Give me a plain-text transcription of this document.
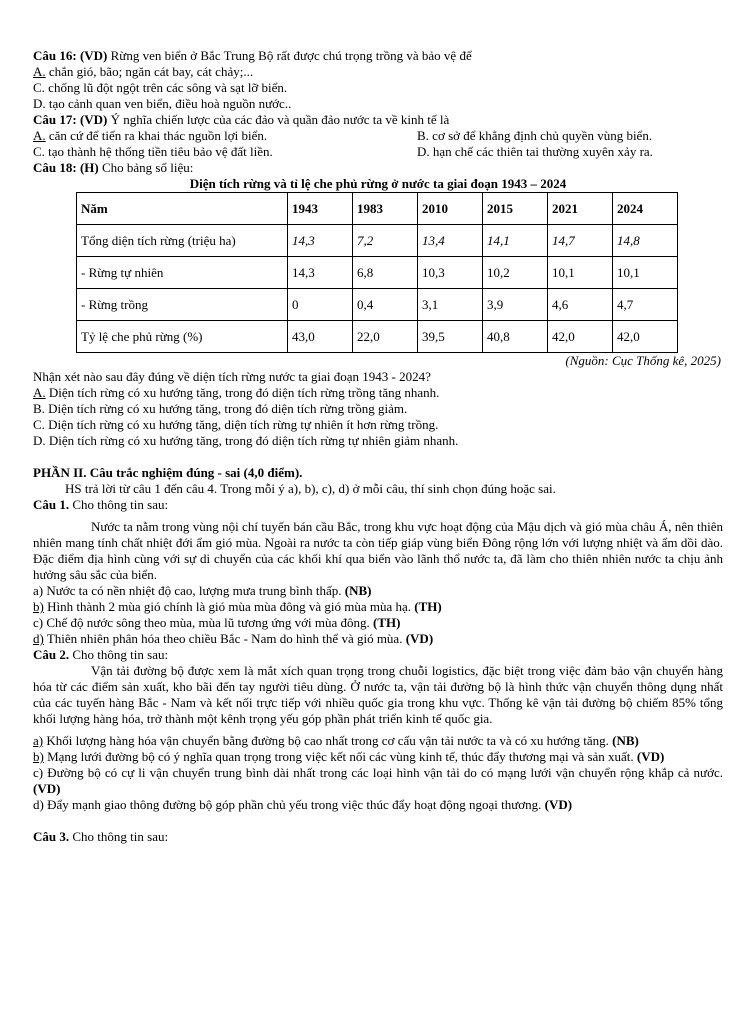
Câu 16: (VD) Rừng ven biển ở Bắc Trung Bộ rất được chú trọng trồng và bảo vệ để
A. chắn gió, bão; ngăn cát bay, cát chảy;...
C. chống lũ đột ngột trên các sông và sạt lỡ biển.
D. tạo cảnh quan ven biển, điều hoà nguồn nước..
Câu 17: (VD) Ý nghĩa chiến lược của các đảo và quần đảo nước ta về kinh tế là
A. căn cứ để tiến ra khai thác nguồn lợi biển.	B. cơ sở để khẳng định chủ quyền vùng biển.
C. tạo thành hệ thống tiền tiêu bảo vệ đất liền.	D. hạn chế các thiên tai thường xuyên xảy ra.
Câu 18: (H) Cho bảng số liệu:
Diện tích rừng và tỉ lệ che phủ rừng ở nước ta giai đoạn 1943 – 2024
Năm	1943	1983	2010	2015	2021	2024
Tổng diện tích rừng (triệu ha)	14,3	7,2	13,4	14,1	14,7	14,8
- Rừng tự nhiên	14,3	6,8	10,3	10,2	10,1	10,1
- Rừng trồng	0	0,4	3,1	3,9	4,6	4,7
Tỷ lệ che phủ rừng (%)	43,0	22,0	39,5	40,8	42,0	42,0
(Nguồn: Cục Thống kê, 2025)
Nhận xét nào sau đây đúng về diện tích rừng nước ta giai đoạn 1943 - 2024?
A. Diện tích rừng có xu hướng tăng, trong đó diện tích rừng trồng tăng nhanh.
B. Diện tích rừng có xu hướng tăng, trong đó diện tích rừng trồng giảm.
C. Diện tích rừng có xu hướng tăng, diện tích rừng tự nhiên ít hơn rừng trồng.
D. Diện tích rừng có xu hướng tăng, trong đó diện tích rừng tự nhiên giảm nhanh.
PHẦN II. Câu trắc nghiệm đúng - sai (4,0 điểm).
HS trả lời từ câu 1 đến câu 4. Trong mỗi ý a), b), c), d) ở mỗi câu, thí sinh chọn đúng hoặc sai.
Câu 1. Cho thông tin sau:
Nước ta nằm trong vùng nội chí tuyến bán cầu Bắc, trong khu vực hoạt động của Mậu dịch và gió mùa châu Á, nên thiên nhiên mang tính chất nhiệt đới ẩm gió mùa. Ngoài ra nước ta còn tiếp giáp vùng biển Đông rộng lớn với lượng nhiệt và ẩm dồi dào. Đặc điểm địa hình cùng với sự di chuyển của các khối khí qua biển vào lãnh thổ nước ta, đã làm cho thiên nhiên nước ta chịu ảnh hưởng sâu sắc của biển.
a) Nước ta có nền nhiệt độ cao, lượng mưa trung bình thấp. (NB)
b) Hình thành 2 mùa gió chính là gió mùa mùa đông và gió mùa mùa hạ. (TH)
c) Chế độ nước sông theo mùa, mùa lũ tương ứng với mùa đông. (TH)
d) Thiên nhiên phân hóa theo chiều Bắc - Nam do hình thể và gió mùa. (VD)
Câu 2. Cho thông tin sau:
Vận tải đường bộ được xem là mắt xích quan trọng trong chuỗi logistics, đặc biệt trong việc đảm bảo vận chuyển hàng hóa từ các điểm sản xuất, kho bãi đến tay người tiêu dùng. Ở nước ta, vận tải đường bộ là hình thức vận chuyển thông dụng nhất của các tuyến hàng Bắc - Nam và kết nối trực tiếp với nhiều quốc gia trong khu vực. Thống kê vận tải đường bộ chiếm 85% tổng khối lượng hàng hóa, trở thành một kênh trọng yếu góp phần phát triển kinh tế quốc gia.
a) Khối lượng hàng hóa vận chuyển bằng đường bộ cao nhất trong cơ cấu vận tải nước ta và có xu hướng tăng. (NB)
b) Mạng lưới đường bộ có ý nghĩa quan trọng trong việc kết nối các vùng kinh tế, thúc đẩy thương mại và sản xuất. (VD)
c) Đường bộ có cự li vận chuyển trung bình dài nhất trong các loại hình vận tải do có mạng lưới vận chuyển rộng khắp cả nước. (VD)
d) Đẩy mạnh giao thông đường bộ góp phần chủ yếu trong việc thúc đẩy hoạt động ngoại thương. (VD)
Câu 3. Cho thông tin sau:
